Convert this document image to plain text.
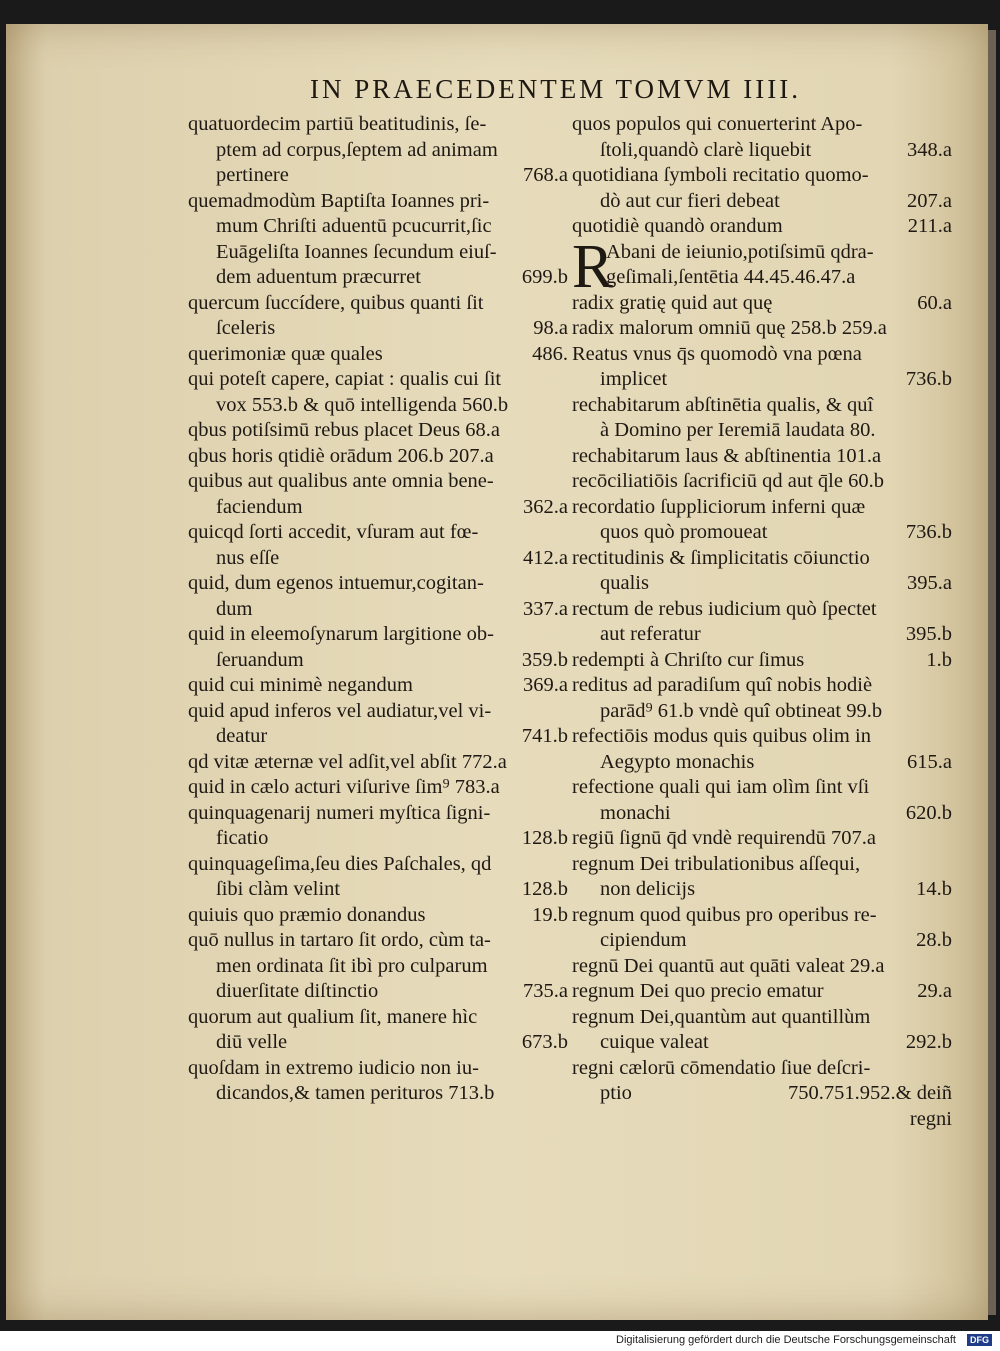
IN PRAECEDENTEM TOMVM IIII.
quatuordecim partiū beatitudinis, ſe-
ptem ad corpus,ſeptem ad animam
pertinere	768.a
quemadmodùm Baptiſta Ioannes pri-
mum Chriſti aduentū pcucurrit,ſic
Euāgeliſta Ioannes ſecundum eiuſ-
dem aduentum præcurret	699.b
quercum ſuccídere, quibus quanti ſit
ſceleris	98.a
querimoniæ quæ quales	486.
qui poteſt capere, capiat : qualis cui ſit
vox 553.b & quō intelligenda 560.b
qbus potiſsimū rebus placet Deus 68.a
qbus horis qtidiè orādum 206.b 207.a
quibus aut qualibus ante omnia bene-
faciendum	362.a
quicqd ſorti accedit, vſuram aut fœ-
nus eſſe	412.a
quid, dum egenos intuemur,cogitan-
dum	337.a
quid in eleemoſynarum largitione ob-
ſeruandum	359.b
quid cui minimè negandum	369.a
quid apud inferos vel audiatur,vel vi-
deatur	741.b
qd vitæ æternæ vel adſit,vel abſit 772.a
quid in cælo acturi viſurive ſim⁹ 783.a
quinquagenarij numeri myſtica ſigni-
ficatio	128.b
quinquageſima,ſeu dies Paſchales, qd
ſibi clàm velint	128.b
quiuis quo præmio donandus	19.b
quō nullus in tartaro ſit ordo, cùm ta-
men ordinata ſit ibì pro culparum
diuerſitate diſtinctio	735.a
quorum aut qualium ſit, manere hìc
diū velle	673.b
quoſdam in extremo iudicio non iu-
dicandos,& tamen perituros 713.b
quos populos qui conuerterint Apo-
ſtoli,quandò clarè liquebit	348.a
quotidiana ſymboli recitatio quomo-
dò aut cur fieri debeat	207.a
quotidiè quandò orandum	211.a
R
Abani de ieiunio,potiſsimū qdra-
geſimali,ſentētia 44.45.46.47.a
radix gratię quid aut quę	60.a
radix malorum omniū quę 258.b 259.a
Reatus vnus q̄s quomodò vna pœna
implicet	736.b
rechabitarum abſtinētia qualis, & quî
à Domino per Ieremiā laudata 80.
rechabitarum laus & abſtinentia 101.a
recōciliatiōis ſacrificiū qd aut q̄le 60.b
recordatio ſuppliciorum inferni quæ
quos quò promoueat	736.b
rectitudinis & ſimplicitatis cōiunctio
qualis	395.a
rectum de rebus iudicium quò ſpectet
aut referatur	395.b
redempti à Chriſto cur ſimus	1.b
reditus ad paradiſum quî nobis hodiè
parād⁹ 61.b vndè quî obtineat 99.b
refectiōis modus quis quibus olim in
Aegypto monachis	615.a
refectione quali qui iam olìm ſint vſi
monachi	620.b
regiū ſignū q̄d vndè requirendū 707.a
regnum Dei tribulationibus aſſequi,
non delicijs	14.b
regnum quod quibus pro operibus re-
cipiendum	28.b
regnū Dei quantū aut quāti valeat 29.a
regnum Dei quo precio ematur	29.a
regnum Dei,quantùm aut quantillùm
cuique valeat	292.b
regni cælorū cōmendatio ſiue deſcri-
ptio	750.751.952.& deiñ
regni
Digitalisierung gefördert durch die Deutsche Forschungsgemeinschaft	DFG
